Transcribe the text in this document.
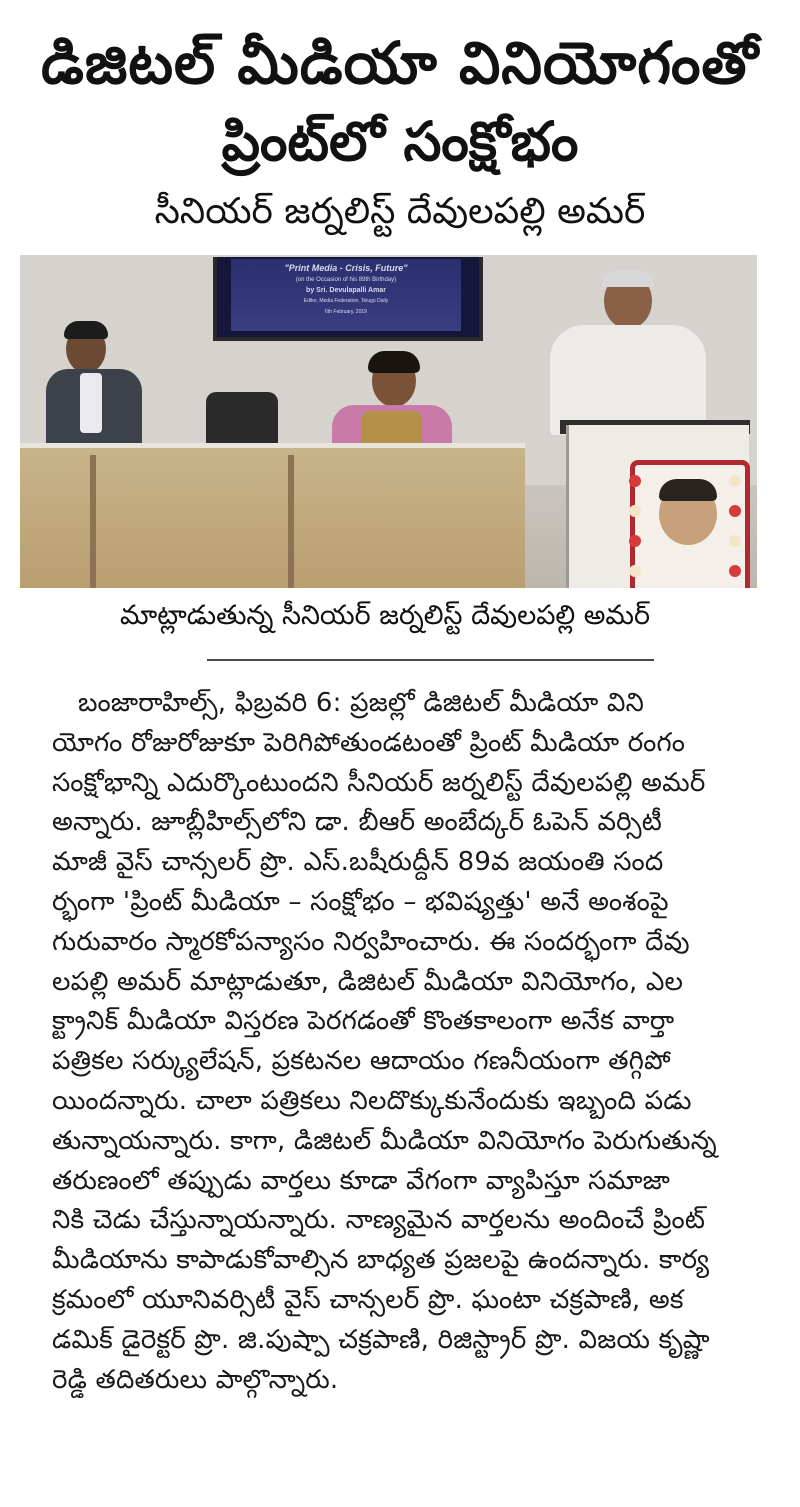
డిజిటల్ మీడియా వినియోగంతో
ప్రింట్‌లో సంక్షోభం
సీనియర్ జర్నలిస్ట్ దేవులపల్లి అమర్
"Print Media - Crisis, Future"
(on the Occasion of his 89th Birthday)
by Sri. Devulapalli Amar
Editor, Media Federation, Telugu Daily
6th February, 2019
మాట్లాడుతున్న సీనియర్ జర్నలిస్ట్ దేవులపల్లి అమర్
బంజారాహిల్స్, ఫిబ్రవరి 6: ప్రజల్లో డిజిటల్ మీడియా విని
యోగం రోజురోజుకూ పెరిగిపోతుండటంతో ప్రింట్ మీడియా రంగం
సంక్షోభాన్ని ఎదుర్కొంటుందని సీనియర్ జర్నలిస్ట్ దేవులపల్లి అమర్
అన్నారు. జూబ్లీహిల్స్‌లోని డా. బీఆర్ అంబేద్కర్ ఓపెన్ వర్సిటీ
మాజీ వైస్ చాన్సలర్ ప్రొ. ఎస్.బషీరుద్దీన్ 89వ జయంతి సంద
ర్భంగా 'ప్రింట్ మీడియా – సంక్షోభం – భవిష్యత్తు' అనే అంశంపై
గురువారం స్మారకోపన్యాసం నిర్వహించారు. ఈ సందర్భంగా దేవు
లపల్లి అమర్ మాట్లాడుతూ, డిజిటల్ మీడియా వినియోగం, ఎల
క్ట్రానిక్ మీడియా విస్తరణ పెరగడంతో కొంతకాలంగా అనేక వార్తా
పత్రికల సర్క్యులేషన్, ప్రకటనల ఆదాయం గణనీయంగా తగ్గిపో
యిందన్నారు. చాలా పత్రికలు నిలదొక్కుకునేందుకు ఇబ్బంది పడు
తున్నాయన్నారు. కాగా, డిజిటల్ మీడియా వినియోగం పెరుగుతున్న
తరుణంలో తప్పుడు వార్తలు కూడా వేగంగా వ్యాపిస్తూ సమాజా
నికి చెడు చేస్తున్నాయన్నారు. నాణ్యమైన వార్తలను అందించే ప్రింట్
మీడియాను కాపాడుకోవాల్సిన బాధ్యత ప్రజలపై ఉందన్నారు. కార్య
క్రమంలో యూనివర్సిటీ వైస్ చాన్సలర్ ప్రొ. ఘంటా చక్రపాణి, అక
డమిక్ డైరెక్టర్ ప్రొ. జి.పుష్పా చక్రపాణి, రిజిస్ట్రార్ ప్రొ. విజయ కృష్ణా
రెడ్డి తదితరులు పాల్గొన్నారు.
